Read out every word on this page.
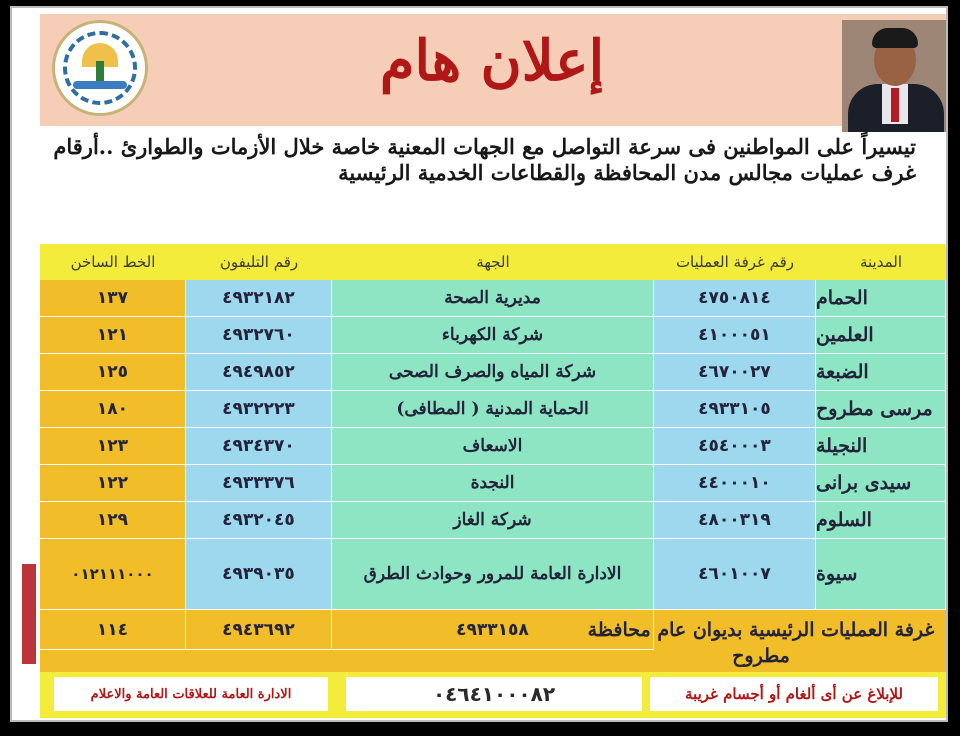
إعلان هام
تيسيراً على المواطنين فى سرعة التواصل مع الجهات المعنية خاصة خلال الأزمات والطوارئ ..أرقام غرف عمليات مجالس مدن المحافظة والقطاعات الخدمية الرئيسية
الخط الساخن	رقم التليفون	الجهة	رقم غرفة العمليات	المدينة
١٣٧	٤٩٣٢١٨٢	مديرية الصحة	٤٧٥٠٨١٤	الحمام
١٢١	٤٩٣٢٧٦٠	شركة الكهرباء	٤١٠٠٠٥١	العلمين
١٢٥	٤٩٤٩٨٥٢	شركة المياه والصرف الصحى	٤٦٧٠٠٢٧	الضبعة
١٨٠	٤٩٣٢٢٢٣	الحماية المدنية ( المطافى)	٤٩٣٣١٠٥	مرسى مطروح
١٢٣	٤٩٣٤٣٧٠	الاسعاف	٤٥٤٠٠٠٣	النجيلة
١٢٢	٤٩٣٣٣٧٦	النجدة	٤٤٠٠٠١٠	سيدى برانى
١٢٩	٤٩٣٢٠٤٥	شركة الغاز	٤٨٠٠٣١٩	السلوم
٠١٢١١١٠٠٠	٤٩٣٩٠٣٥	الادارة العامة للمرور وحوادث الطرق	٤٦٠١٠٠٧	سيوة
١١٤	٤٩٤٣٦٩٢	٤٩٣٣١٥٨	غرفة العمليات الرئيسية بديوان عام محافظة مطروح
الادارة العامة للعلاقات العامة والاعلام	٠٤٦٤١٠٠٠٨٢	للإبلاغ عن أى ألغام أو أجسام غريبة
